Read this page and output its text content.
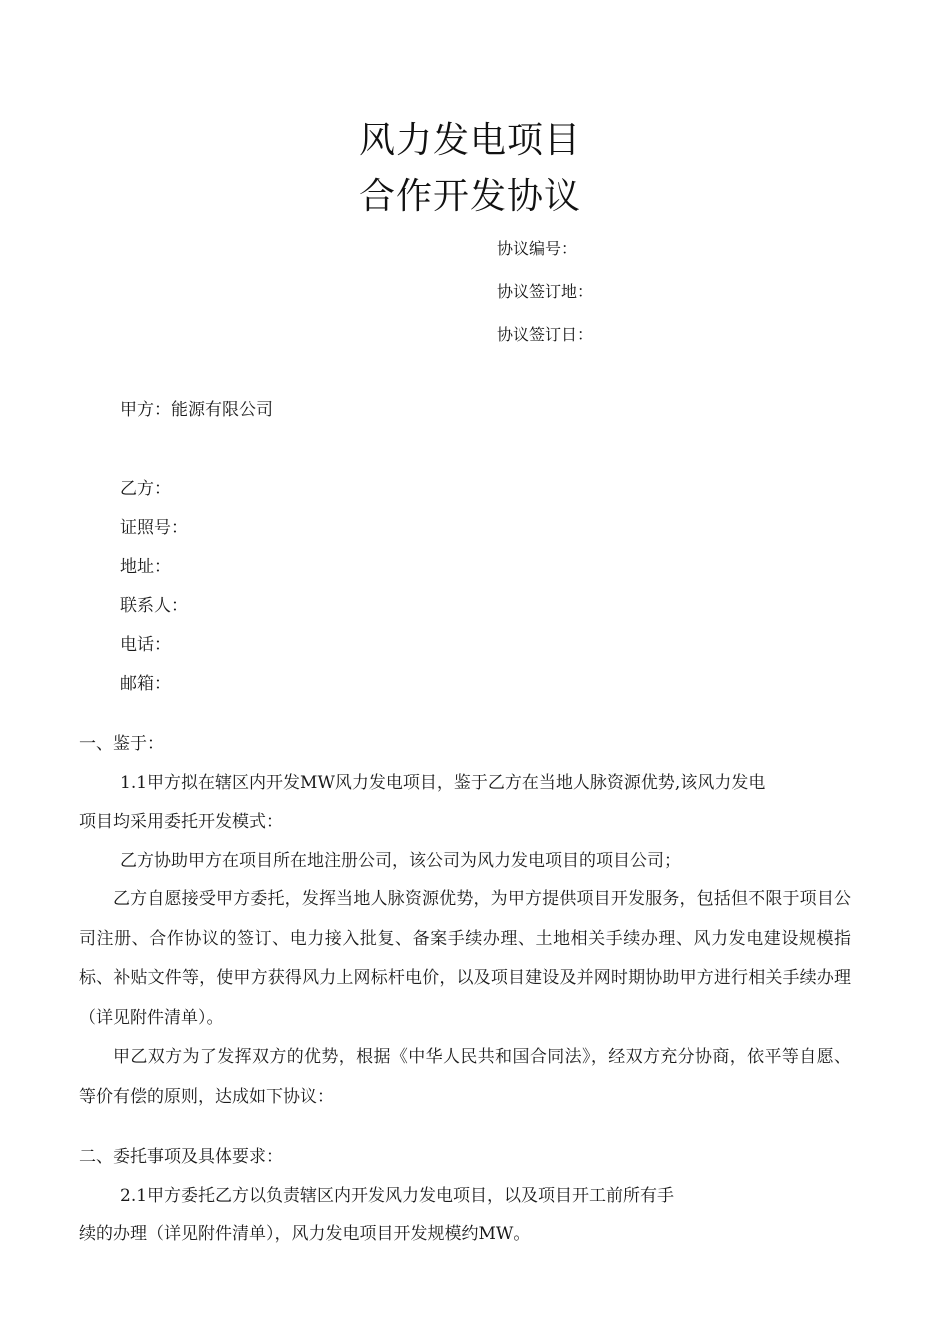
风力发电项目
合作开发协议
协议编号：
协议签订地：
协议签订日：
甲方：能源有限公司
乙方：
证照号：
地址：
联系人：
电话：
邮箱：
一、鉴于：
1.1甲方拟在辖区内开发MW风力发电项目，鉴于乙方在当地人脉资源优势,该风力发电
项目均采用委托开发模式：
乙方协助甲方在项目所在地注册公司，该公司为风力发电项目的项目公司；
乙方自愿接受甲方委托，发挥当地人脉资源优势，为甲方提供项目开发服务，包括但不限于项目公司注册、合作协议的签订、电力接入批复、备案手续办理、土地相关手续办理、风力发电建设规模指标、补贴文件等，使甲方获得风力上网标杆电价，以及项目建设及并网时期协助甲方进行相关手续办理（详见附件清单）。
甲乙双方为了发挥双方的优势，根据《中华人民共和国合同法》，经双方充分协商，依平等自愿、等价有偿的原则，达成如下协议：
二、委托事项及具体要求：
2.1甲方委托乙方以负责辖区内开发风力发电项目，以及项目开工前所有手
续的办理（详见附件清单），风力发电项目开发规模约MW。
